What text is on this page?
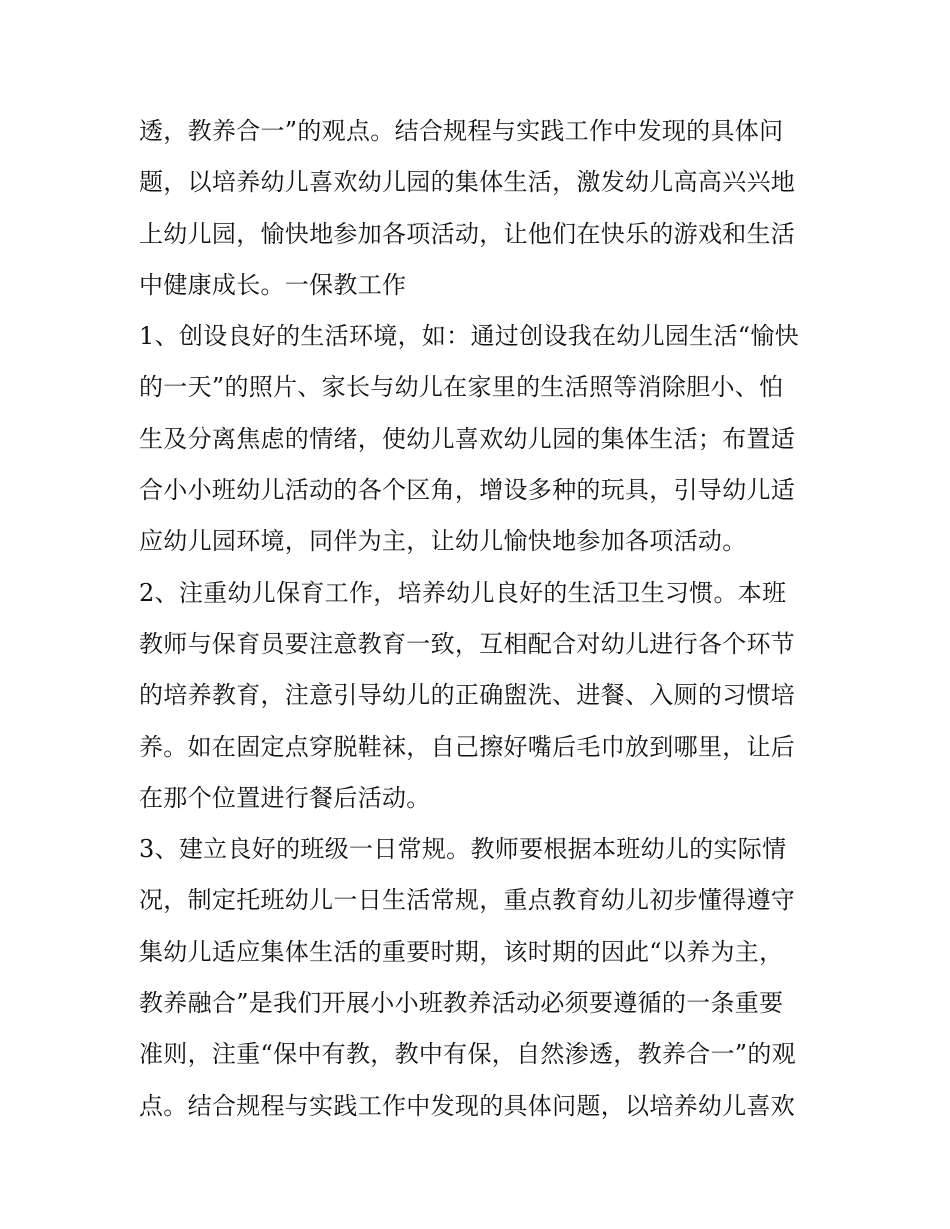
透，教养合一”的观点。结合规程与实践工作中发现的具体问
题，以培养幼儿喜欢幼儿园的集体生活，激发幼儿高高兴兴地
上幼儿园，愉快地参加各项活动，让他们在快乐的游戏和生活
中健康成长。一保教工作
1、创设良好的生活环境，如：通过创设我在幼儿园生活“愉快
的一天”的照片、家长与幼儿在家里的生活照等消除胆小、怕
生及分离焦虑的情绪，使幼儿喜欢幼儿园的集体生活；布置适
合小小班幼儿活动的各个区角，增设多种的玩具，引导幼儿适
应幼儿园环境，同伴为主，让幼儿愉快地参加各项活动。
2、注重幼儿保育工作，培养幼儿良好的生活卫生习惯。本班
教师与保育员要注意教育一致，互相配合对幼儿进行各个环节
的培养教育，注意引导幼儿的正确盥洗、进餐、入厕的习惯培
养。如在固定点穿脱鞋袜，自己擦好嘴后毛巾放到哪里，让后
在那个位置进行餐后活动。
3、建立良好的班级一日常规。教师要根据本班幼儿的实际情
况，制定托班幼儿一日生活常规，重点教育幼儿初步懂得遵守
集幼儿适应集体生活的重要时期，该时期的因此“以养为主，
教养融合”是我们开展小小班教养活动必须要遵循的一条重要
准则，注重“保中有教，教中有保，自然渗透，教养合一”的观
点。结合规程与实践工作中发现的具体问题，以培养幼儿喜欢
